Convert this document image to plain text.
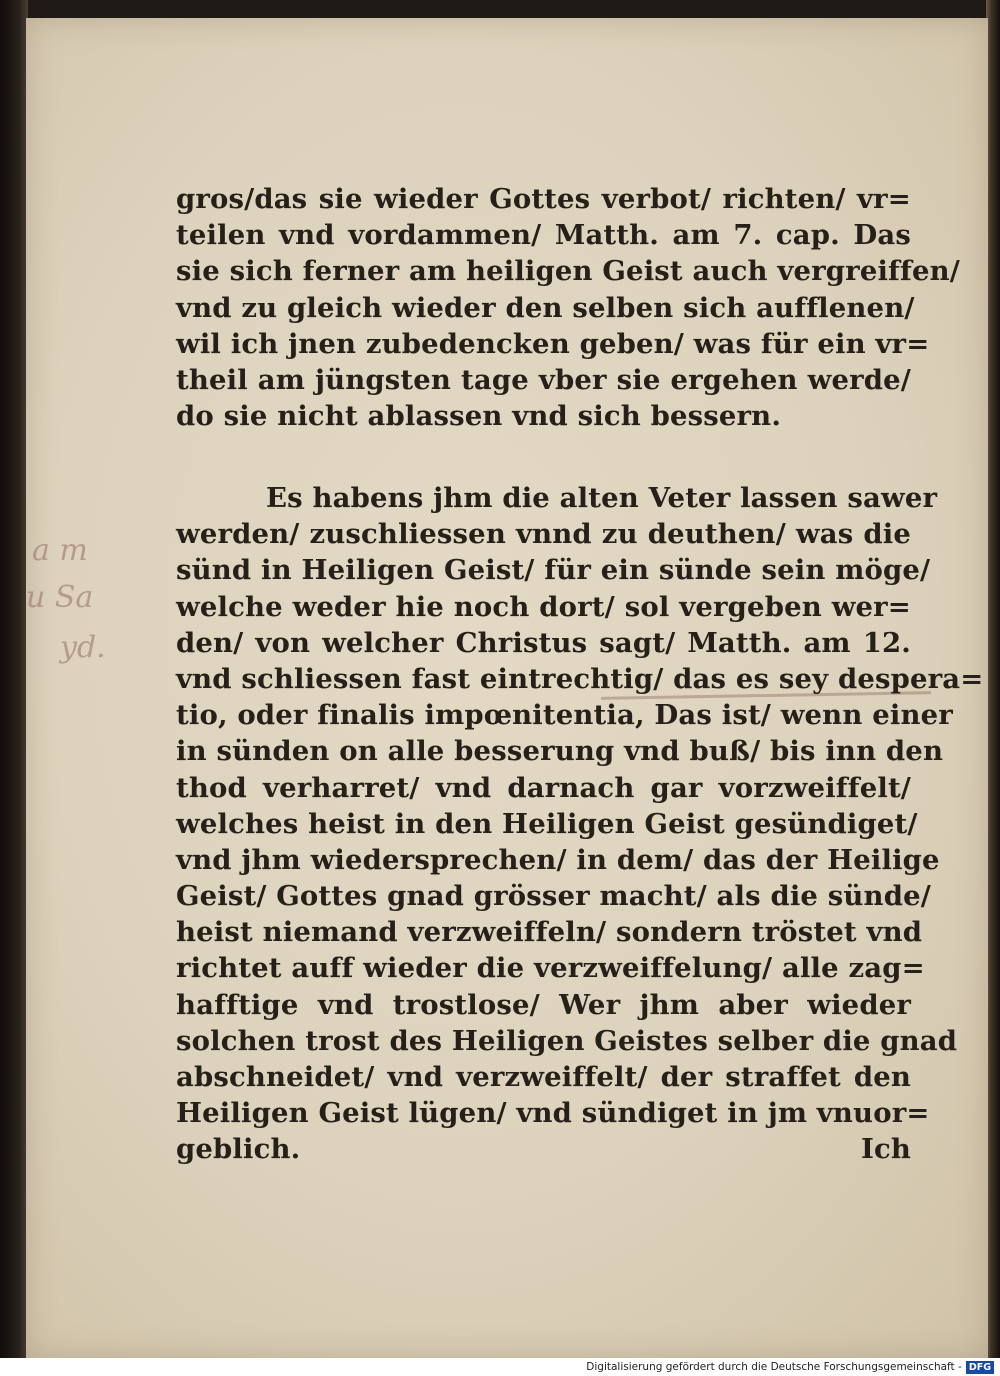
a m
u Sa
yd.
gros/das sie wieder Gottes verbot/ richten/ vr=
teilen vnd vordammen/ Matth. am 7. cap. Das
sie sich ferner am heiligen Geist auch vergreiffen/
vnd zu gleich wieder den selben sich aufflenen/
wil ich jnen zubedencken geben/ was für ein vr=
theil am jüngsten tage vber sie ergehen werde/
do sie nicht ablassen vnd sich bessern.
Es habens jhm die alten Veter lassen sawer
werden/ zuschliessen vnnd zu deuthen/ was die
sünd in Heiligen Geist/ für ein sünde sein möge/
welche weder hie noch dort/ sol vergeben wer=
den/ von welcher Christus sagt/ Matth. am 12.
vnd schliessen fast eintrechtig/ das es sey despera=
tio, oder finalis impœnitentia, Das ist/ wenn einer
in sünden on alle besserung vnd buß/ bis inn den
thod verharret/ vnd darnach gar vorzweiffelt/
welches heist in den Heiligen Geist gesündiget/
vnd jhm wiedersprechen/ in dem/ das der Heilige
Geist/ Gottes gnad grösser macht/ als die sünde/
heist niemand verzweiffeln/ sondern tröstet vnd
richtet auff wieder die verzweiffelung/ alle zag=
hafftige vnd trostlose/ Wer jhm aber wieder
solchen trost des Heiligen Geistes selber die gnad
abschneidet/ vnd verzweiffelt/ der straffet den
Heiligen Geist lügen/ vnd sündiget in jm vnuor=
geblich.	Ich
Digitalisierung gefördert durch die Deutsche Forschungsgemeinschaft - DFG
